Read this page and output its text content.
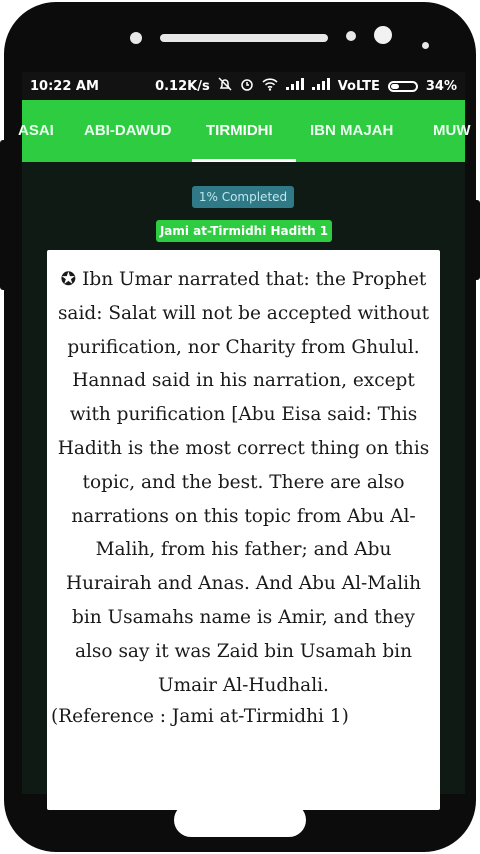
10:22 AM	0.12K/s	VoLTE	34%
ASAI ABI-DAWUD TIRMIDHI IBN MAJAH	MUW
1% Completed
Jami at-Tirmidhi Hadith 1
✪ Ibn Umar narrated that: the Prophet said: Salat will not be accepted without purification, nor Charity from Ghulul. Hannad said in his narration, except with purification [Abu Eisa said: This Hadith is the most correct thing on this topic, and the best. There are also narrations on this topic from Abu Al-Malih, from his father; and Abu Hurairah and Anas. And Abu Al-Malih bin Usamahs name is Amir, and they also say it was Zaid bin Usamah bin Umair Al-Hudhali.
(Reference : Jami at-Tirmidhi 1)
